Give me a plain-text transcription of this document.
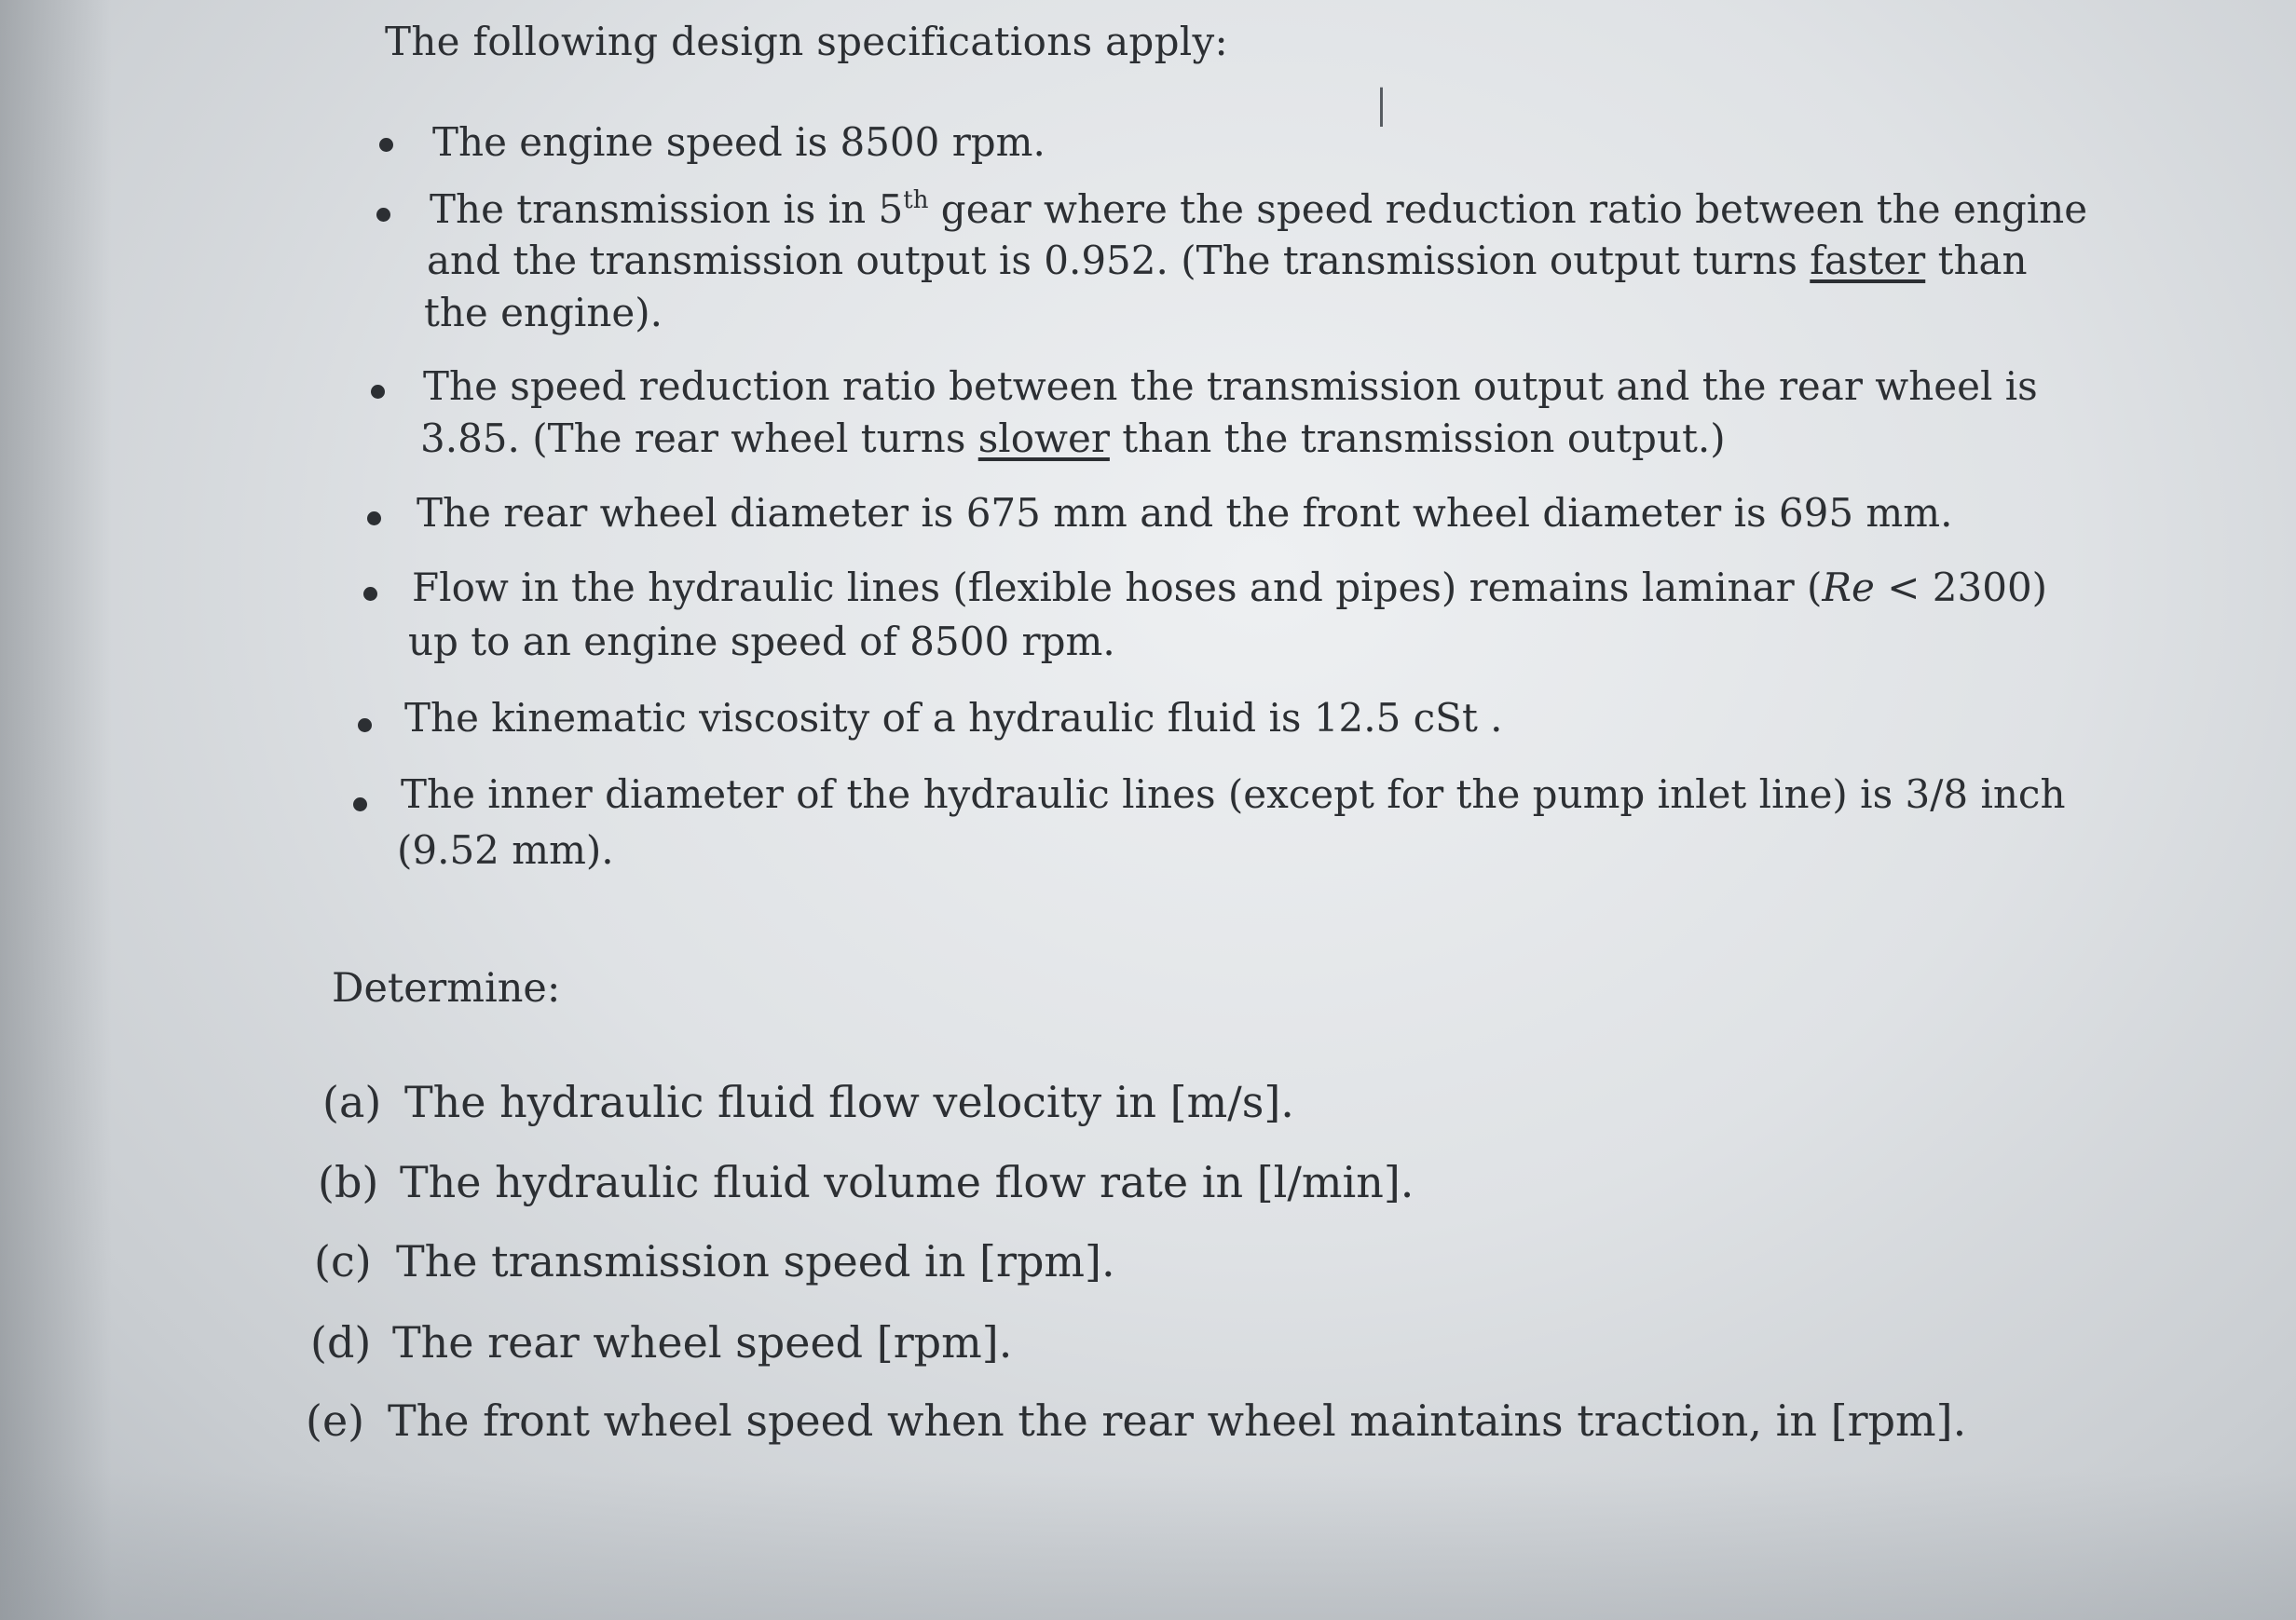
The following design specifications apply:
I
The engine speed is 8500 rpm.
The transmission is in 5th gear where the speed reduction ratio between the engine
and the transmission output is 0.952. (The transmission output turns faster than
the engine).
The speed reduction ratio between the transmission output and the rear wheel is
3.85. (The rear wheel turns slower than the transmission output.)
The rear wheel diameter is 675 mm and the front wheel diameter is 695 mm.
Flow in the hydraulic lines (flexible hoses and pipes) remains laminar (Re < 2300)
up to an engine speed of 8500 rpm.
The kinematic viscosity of a hydraulic fluid is 12.5 cSt .
The inner diameter of the hydraulic lines (except for the pump inlet line) is 3/8 inch
(9.52 mm).
Determine:
(a) The hydraulic fluid flow velocity in [m/s].
(b) The hydraulic fluid volume flow rate in [l/min].
(c) The transmission speed in [rpm].
(d) The rear wheel speed [rpm].
(e) The front wheel speed when the rear wheel maintains traction, in [rpm].
